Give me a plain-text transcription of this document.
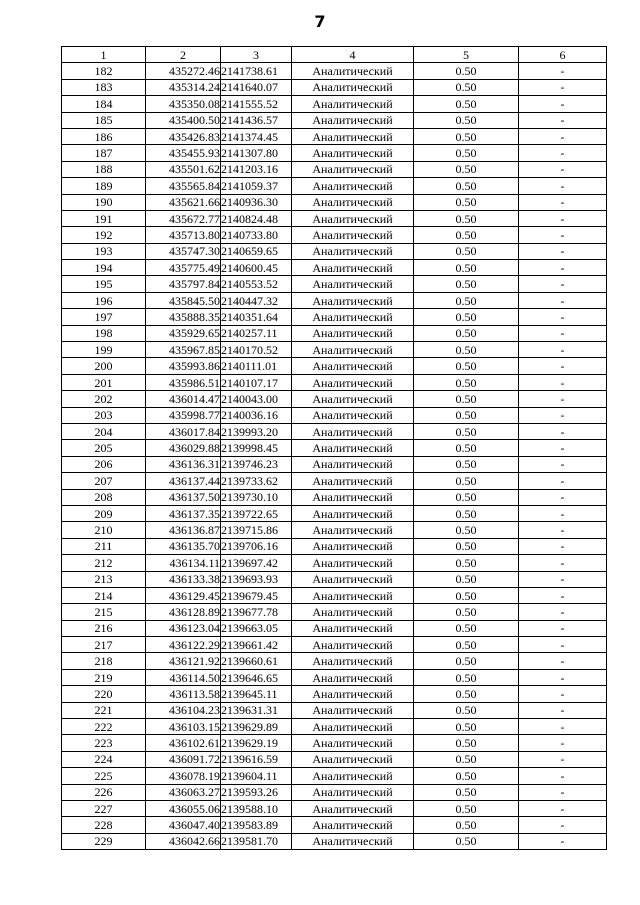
7
1	2	3	4	5	6
182	435272.46	2141738.61	Аналитический	0.50	-
183	435314.24	2141640.07	Аналитический	0.50	-
184	435350.08	2141555.52	Аналитический	0.50	-
185	435400.50	2141436.57	Аналитический	0.50	-
186	435426.83	2141374.45	Аналитический	0.50	-
187	435455.93	2141307.80	Аналитический	0.50	-
188	435501.62	2141203.16	Аналитический	0.50	-
189	435565.84	2141059.37	Аналитический	0.50	-
190	435621.66	2140936.30	Аналитический	0.50	-
191	435672.77	2140824.48	Аналитический	0.50	-
192	435713.80	2140733.80	Аналитический	0.50	-
193	435747.30	2140659.65	Аналитический	0.50	-
194	435775.49	2140600.45	Аналитический	0.50	-
195	435797.84	2140553.52	Аналитический	0.50	-
196	435845.50	2140447.32	Аналитический	0.50	-
197	435888.35	2140351.64	Аналитический	0.50	-
198	435929.65	2140257.11	Аналитический	0.50	-
199	435967.85	2140170.52	Аналитический	0.50	-
200	435993.86	2140111.01	Аналитический	0.50	-
201	435986.51	2140107.17	Аналитический	0.50	-
202	436014.47	2140043.00	Аналитический	0.50	-
203	435998.77	2140036.16	Аналитический	0.50	-
204	436017.84	2139993.20	Аналитический	0.50	-
205	436029.88	2139998.45	Аналитический	0.50	-
206	436136.31	2139746.23	Аналитический	0.50	-
207	436137.44	2139733.62	Аналитический	0.50	-
208	436137.50	2139730.10	Аналитический	0.50	-
209	436137.35	2139722.65	Аналитический	0.50	-
210	436136.87	2139715.86	Аналитический	0.50	-
211	436135.70	2139706.16	Аналитический	0.50	-
212	436134.11	2139697.42	Аналитический	0.50	-
213	436133.38	2139693.93	Аналитический	0.50	-
214	436129.45	2139679.45	Аналитический	0.50	-
215	436128.89	2139677.78	Аналитический	0.50	-
216	436123.04	2139663.05	Аналитический	0.50	-
217	436122.29	2139661.42	Аналитический	0.50	-
218	436121.92	2139660.61	Аналитический	0.50	-
219	436114.50	2139646.65	Аналитический	0.50	-
220	436113.58	2139645.11	Аналитический	0.50	-
221	436104.23	2139631.31	Аналитический	0.50	-
222	436103.15	2139629.89	Аналитический	0.50	-
223	436102.61	2139629.19	Аналитический	0.50	-
224	436091.72	2139616.59	Аналитический	0.50	-
225	436078.19	2139604.11	Аналитический	0.50	-
226	436063.27	2139593.26	Аналитический	0.50	-
227	436055.06	2139588.10	Аналитический	0.50	-
228	436047.40	2139583.89	Аналитический	0.50	-
229	436042.66	2139581.70	Аналитический	0.50	-
